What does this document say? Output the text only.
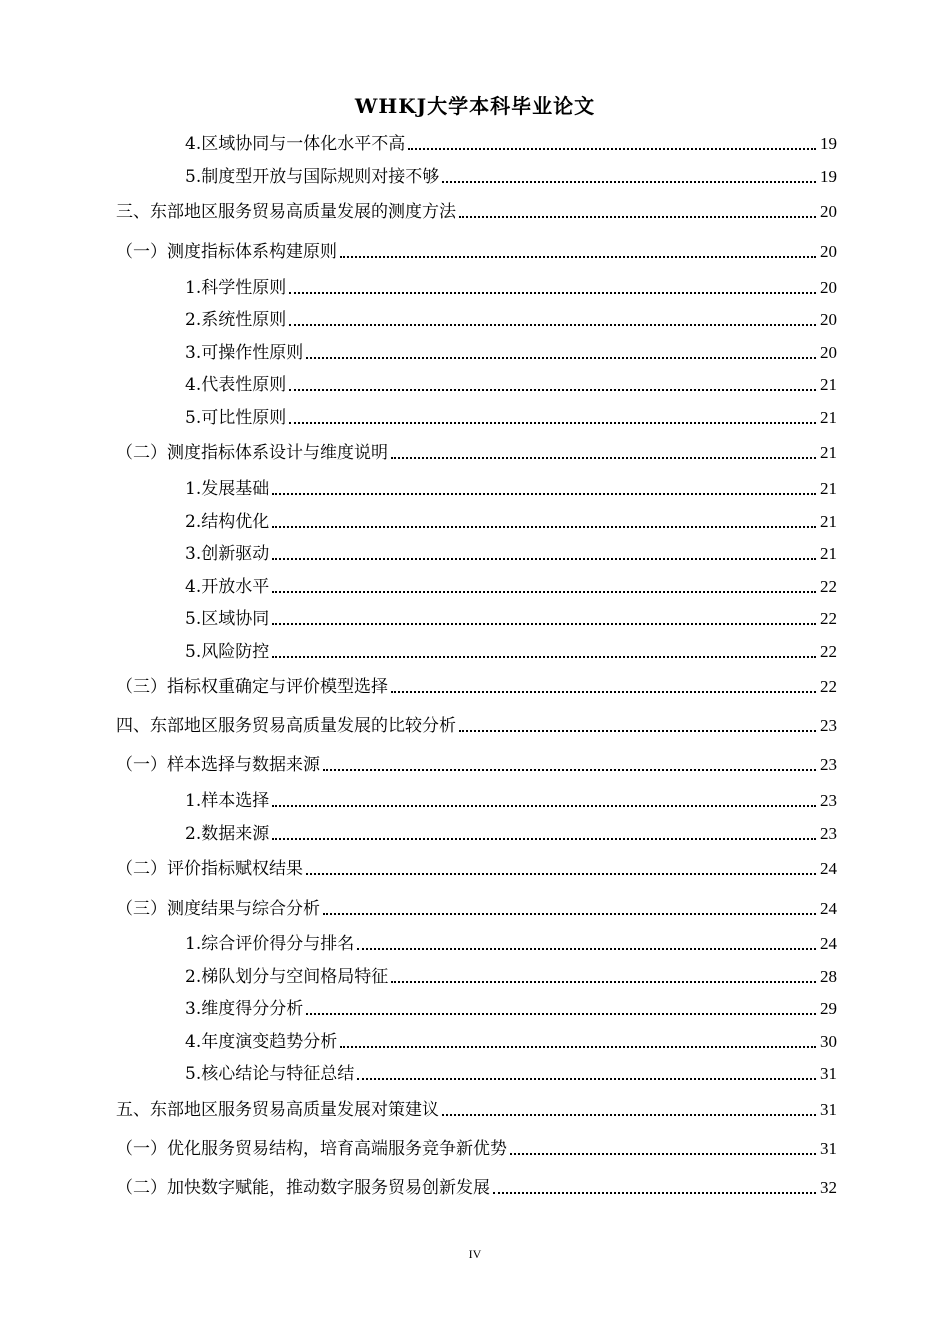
WHKJ大学本科毕业论文
4.区域协同与一体化水平不高	19
5.制度型开放与国际规则对接不够	19
三、东部地区服务贸易高质量发展的测度方法	20
（一）测度指标体系构建原则	20
1.科学性原则	20
2.系统性原则	20
3.可操作性原则	20
4.代表性原则	21
5.可比性原则	21
（二）测度指标体系设计与维度说明	21
1.发展基础	21
2.结构优化	21
3.创新驱动	21
4.开放水平	22
5.区域协同	22
5.风险防控	22
（三）指标权重确定与评价模型选择	22
四、东部地区服务贸易高质量发展的比较分析	23
（一）样本选择与数据来源	23
1.样本选择	23
2.数据来源	23
（二）评价指标赋权结果	24
（三）测度结果与综合分析	24
1.综合评价得分与排名	24
2.梯队划分与空间格局特征	28
3.维度得分分析	29
4.年度演变趋势分析	30
5.核心结论与特征总结	31
五、东部地区服务贸易高质量发展对策建议	31
（一）优化服务贸易结构，培育高端服务竞争新优势	31
（二）加快数字赋能，推动数字服务贸易创新发展	32
IV
